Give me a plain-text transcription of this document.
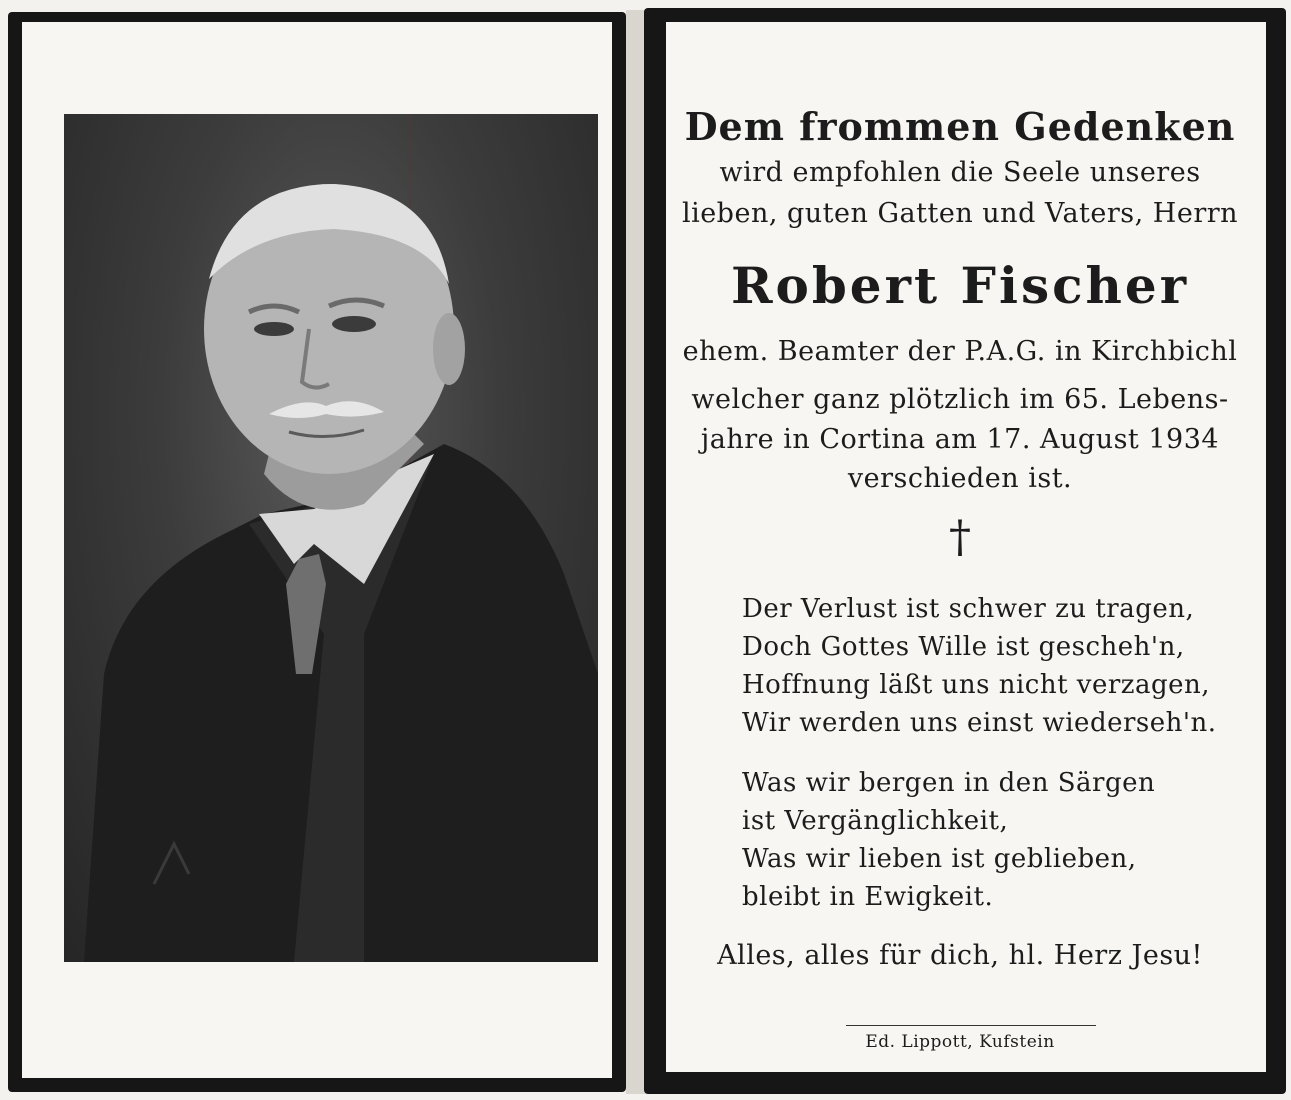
Dem frommen Gedenken
wird empfohlen die Seele unseres
lieben, guten Gatten und Vaters, Herrn
Robert Fischer
ehem. Beamter der P.A.G. in Kirchbichl
welcher ganz plötzlich im 65. Lebens-
jahre in Cortina am 17. August 1934
verschieden ist.
†
Der Verlust ist schwer zu tragen,
Doch Gottes Wille ist gescheh'n,
Hoffnung läßt uns nicht verzagen,
Wir werden uns einst wiederseh'n.
Was wir bergen in den Särgen
ist Vergänglichkeit,
Was wir lieben ist geblieben,
bleibt in Ewigkeit.
Alles, alles für dich, hl. Herz Jesu!
Ed. Lippott, Kufstein
